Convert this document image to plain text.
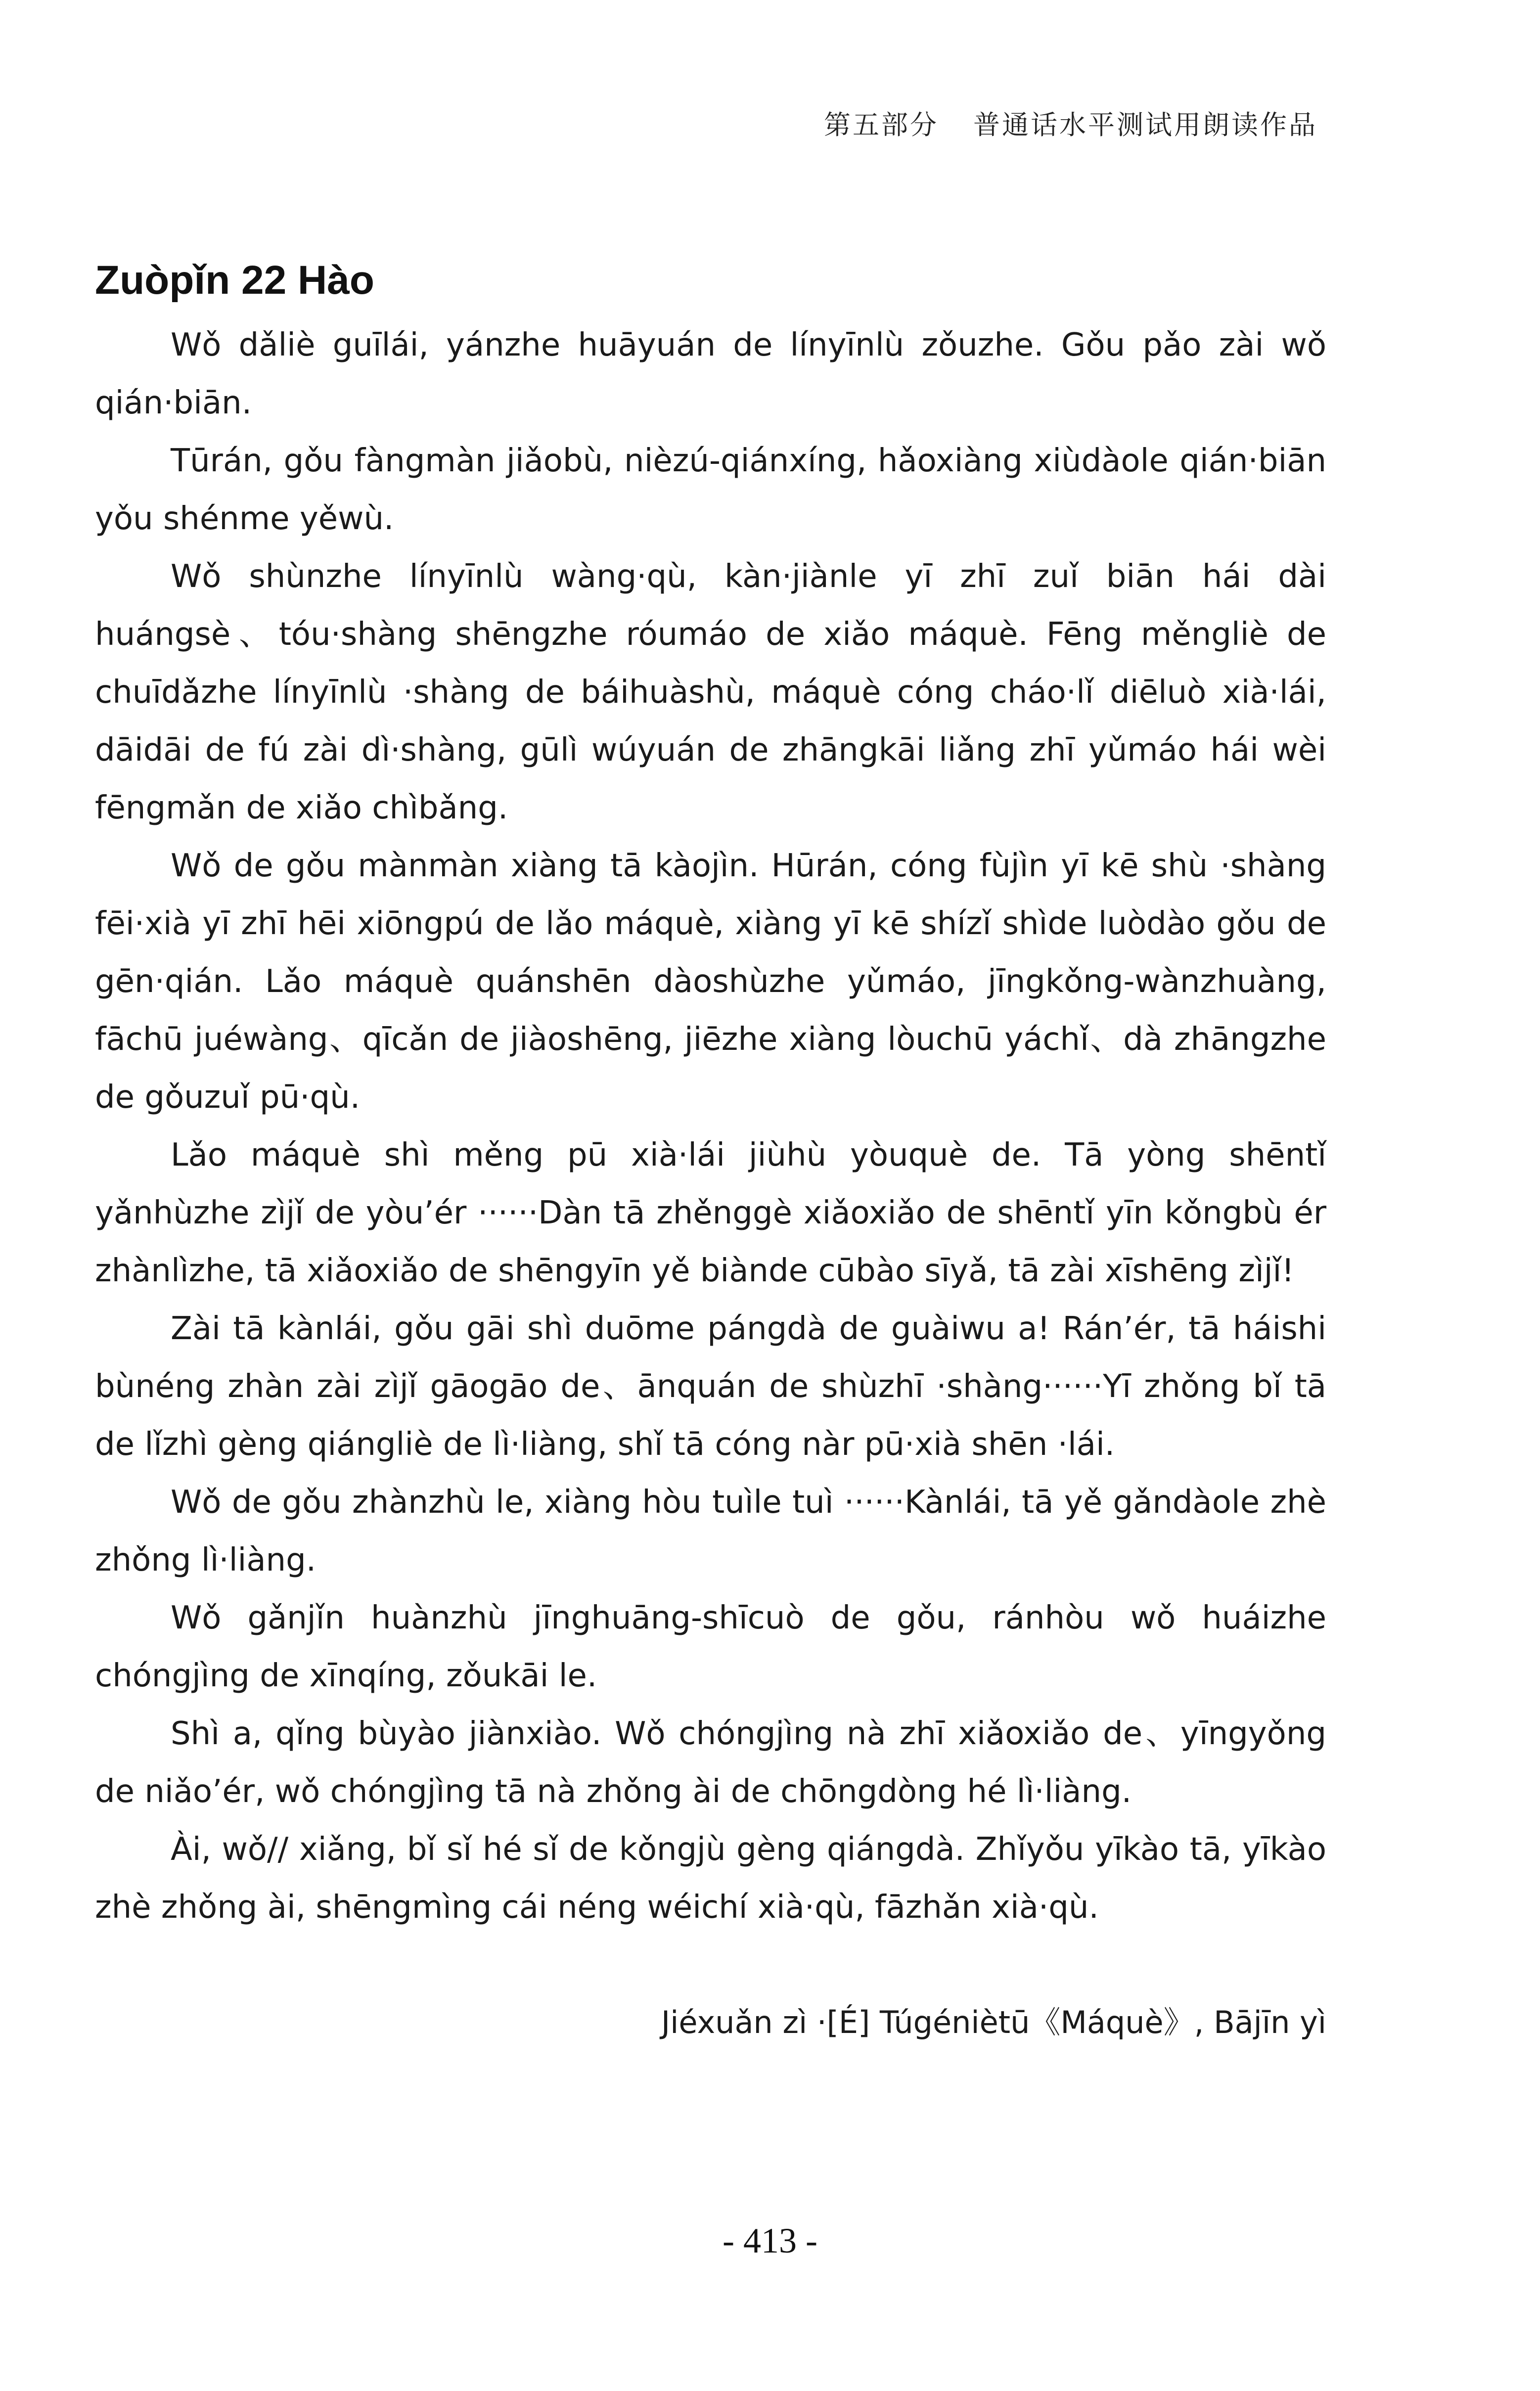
第五部分 普通话水平测试用朗读作品
Zuòpǐn 22 Hào

Wǒ dǎliè guīlái, yánzhe huāyuán de línyīnlù zǒuzhe. Gǒu pǎo zài wǒ qián·biān.

Tūrán, gǒu fàngmàn jiǎobù, nièzú-qiánxíng, hǎoxiàng xiùdàole qián·biān yǒu shénme yěwù.

Wǒ shùnzhe línyīnlù wàng·qù, kàn·jiànle yī zhī zuǐ biān hái dài huángsè、tóu·shàng shēngzhe róumáo de xiǎo máquè. Fēng měngliè de chuīdǎzhe línyīnlù ·shàng de báihuàshù, máquè cóng cháo·lǐ diēluò xià·lái, dāidāi de fú zài dì·shàng, gūlì wúyuán de zhāngkāi liǎng zhī yǔmáo hái wèi fēngmǎn de xiǎo chìbǎng.

Wǒ de gǒu mànmàn xiàng tā kàojìn. Hūrán, cóng fùjìn yī kē shù ·shàng fēi·xià yī zhī hēi xiōngpú de lǎo máquè, xiàng yī kē shízǐ shìde luòdào gǒu de gēn·qián. Lǎo máquè quánshēn dàoshùzhe yǔmáo, jīngkǒng-wànzhuàng, fāchū juéwàng、qīcǎn de jiàoshēng, jiēzhe xiàng lòuchū yáchǐ、dà zhāngzhe de gǒuzuǐ pū·qù.

Lǎo máquè shì měng pū xià·lái jiùhù yòuquè de. Tā yòng shēntǐ yǎnhùzhe zìjǐ de yòu’ér ······Dàn tā zhěnggè xiǎoxiǎo de shēntǐ yīn kǒngbù ér zhànlìzhe, tā xiǎoxiǎo de shēngyīn yě biànde cūbào sīyǎ, tā zài xīshēng zìjǐ!

Zài tā kànlái, gǒu gāi shì duōme pángdà de guàiwu a! Rán’ér, tā háishi bùnéng zhàn zài zìjǐ gāogāo de、ānquán de shùzhī ·shàng······Yī zhǒng bǐ tā de lǐzhì gèng qiángliè de lì·liàng, shǐ tā cóng nàr pū·xià shēn ·lái.

Wǒ de gǒu zhànzhù le, xiàng hòu tuìle tuì ······Kànlái, tā yě gǎndàole zhè zhǒng lì·liàng.

Wǒ gǎnjǐn huànzhù jīnghuāng-shīcuò de gǒu, ránhòu wǒ huáizhe chóngjìng de xīnqíng, zǒukāi le.

Shì a, qǐng bùyào jiànxiào. Wǒ chóngjìng nà zhī xiǎoxiǎo de、yīngyǒng de niǎo’ér, wǒ chóngjìng tā nà zhǒng ài de chōngdòng hé lì·liàng.

Ài, wǒ// xiǎng, bǐ sǐ hé sǐ de kǒngjù gèng qiángdà. Zhǐyǒu yīkào tā, yīkào zhè zhǒng ài, shēngmìng cái néng wéichí xià·qù, fāzhǎn xià·qù.

Jiéxuǎn zì ·[É] Túgéniètū《Máquè》, Bājīn yì
- 413 -
